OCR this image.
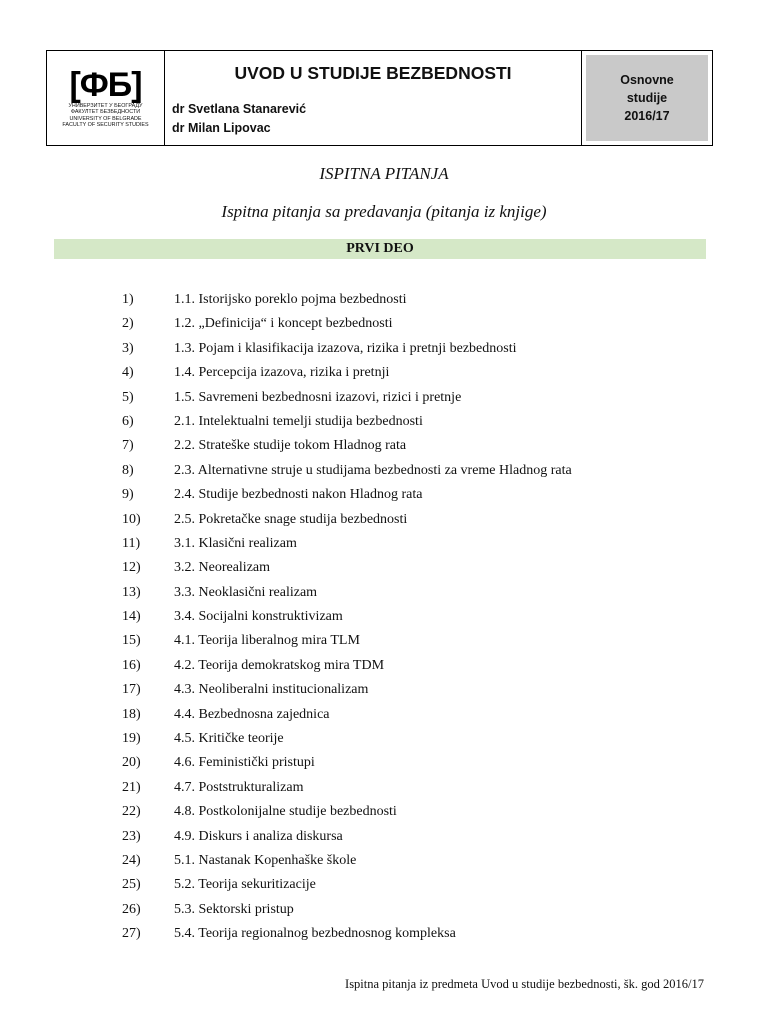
[ФБ]
УНИВЕРЗИТЕТ У БЕОГРАДУ
ФАКУЛТЕТ БЕЗБЕДНОСТИ
UNIVERSITY OF BELGRADE
FACULTY OF SECURITY STUDIES
UVOD U STUDIJE BEZBEDNOSTI
dr Svetlana Stanarević
dr Milan Lipovac
Osnovne
studije
2016/17
ISPITNA PITANJA
Ispitna pitanja sa predavanja (pitanja iz knjige)
PRVI DEO
1)	1.1. Istorijsko poreklo pojma bezbednosti
2)	1.2. „Definicija“ i koncept bezbednosti
3)	1.3. Pojam i klasifikacija izazova, rizika i pretnji bezbednosti
4)	1.4. Percepcija izazova, rizika i pretnji
5)	1.5. Savremeni bezbednosni izazovi, rizici i pretnje
6)	2.1. Intelektualni temelji studija bezbednosti
7)	2.2. Strateške studije tokom Hladnog rata
8)	2.3. Alternativne struje u studijama bezbednosti za vreme Hladnog rata
9)	2.4. Studije bezbednosti nakon Hladnog rata
10)	2.5. Pokretačke snage studija bezbednosti
11)	3.1. Klasični realizam
12)	3.2. Neorealizam
13)	3.3. Neoklasični realizam
14)	3.4. Socijalni konstruktivizam
15)	4.1. Teorija liberalnog mira TLM
16)	4.2. Teorija demokratskog mira TDM
17)	4.3. Neoliberalni institucionalizam
18)	4.4. Bezbednosna zajednica
19)	4.5. Kritičke teorije
20)	4.6. Feministički pristupi
21)	4.7. Poststrukturalizam
22)	4.8. Postkolonijalne studije bezbednosti
23)	4.9. Diskurs i analiza diskursa
24)	5.1. Nastanak Kopenhaške škole
25)	5.2. Teorija sekuritizacije
26)	5.3. Sektorski pristup
27)	5.4. Teorija regionalnog bezbednosnog kompleksa
Ispitna pitanja iz predmeta Uvod u studije bezbednosti, šk. god 2016/17
